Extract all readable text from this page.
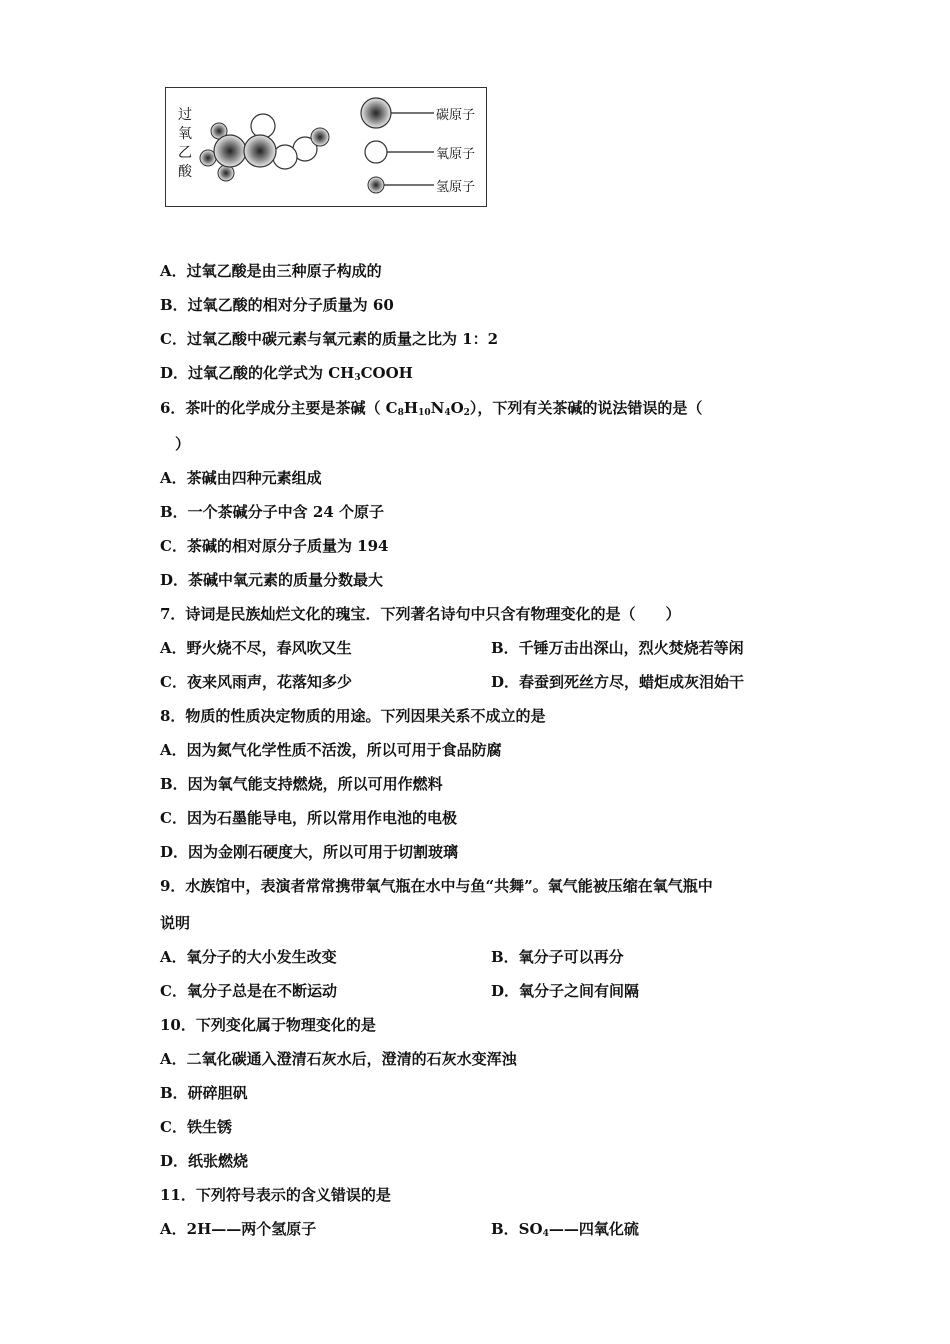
过
氧
乙
酸
碳原子
氧原子
氢原子
A．过氧乙酸是由三种原子构成的
B．过氧乙酸的相对分子质量为 60
C．过氧乙酸中碳元素与氧元素的质量之比为 1：2
D．过氧乙酸的化学式为 $CH_3COOH$
6．茶叶的化学成分主要是茶碱（ $C_8H_{10}N_4O_2$），下列有关茶碱的说法错误的是（
）
A．茶碱由四种元素组成
B．一个茶碱分子中含 24 个原子
C．茶碱的相对原分子质量为 194
D．茶碱中氧元素的质量分数最大
7．诗词是民族灿烂文化的瑰宝．下列著名诗句中只含有物理变化的是（　　）
A．野火烧不尽，春风吹又生	B．千锤万击出深山，烈火焚烧若等闲
C．夜来风雨声，花落知多少	D．春蚕到死丝方尽，蜡炬成灰泪始干
8．物质的性质决定物质的用途。下列因果关系不成立的是
A．因为氮气化学性质不活泼，所以可用于食品防腐
B．因为氧气能支持燃烧，所以可用作燃料
C．因为石墨能导电，所以常用作电池的电极
D．因为金刚石硬度大，所以可用于切割玻璃
9．水族馆中，表演者常常携带氧气瓶在水中与鱼“共舞”。氧气能被压缩在氧气瓶中
说明
A．氧分子的大小发生改变	B．氧分子可以再分
C．氧分子总是在不断运动	D．氧分子之间有间隔
10．下列变化属于物理变化的是
A．二氧化碳通入澄清石灰水后，澄清的石灰水变浑浊
B．研碎胆矾
C．铁生锈
D．纸张燃烧
11．下列符号表示的含义错误的是
A．2H——两个氢原子	B．$SO_4——$四氧化硫
